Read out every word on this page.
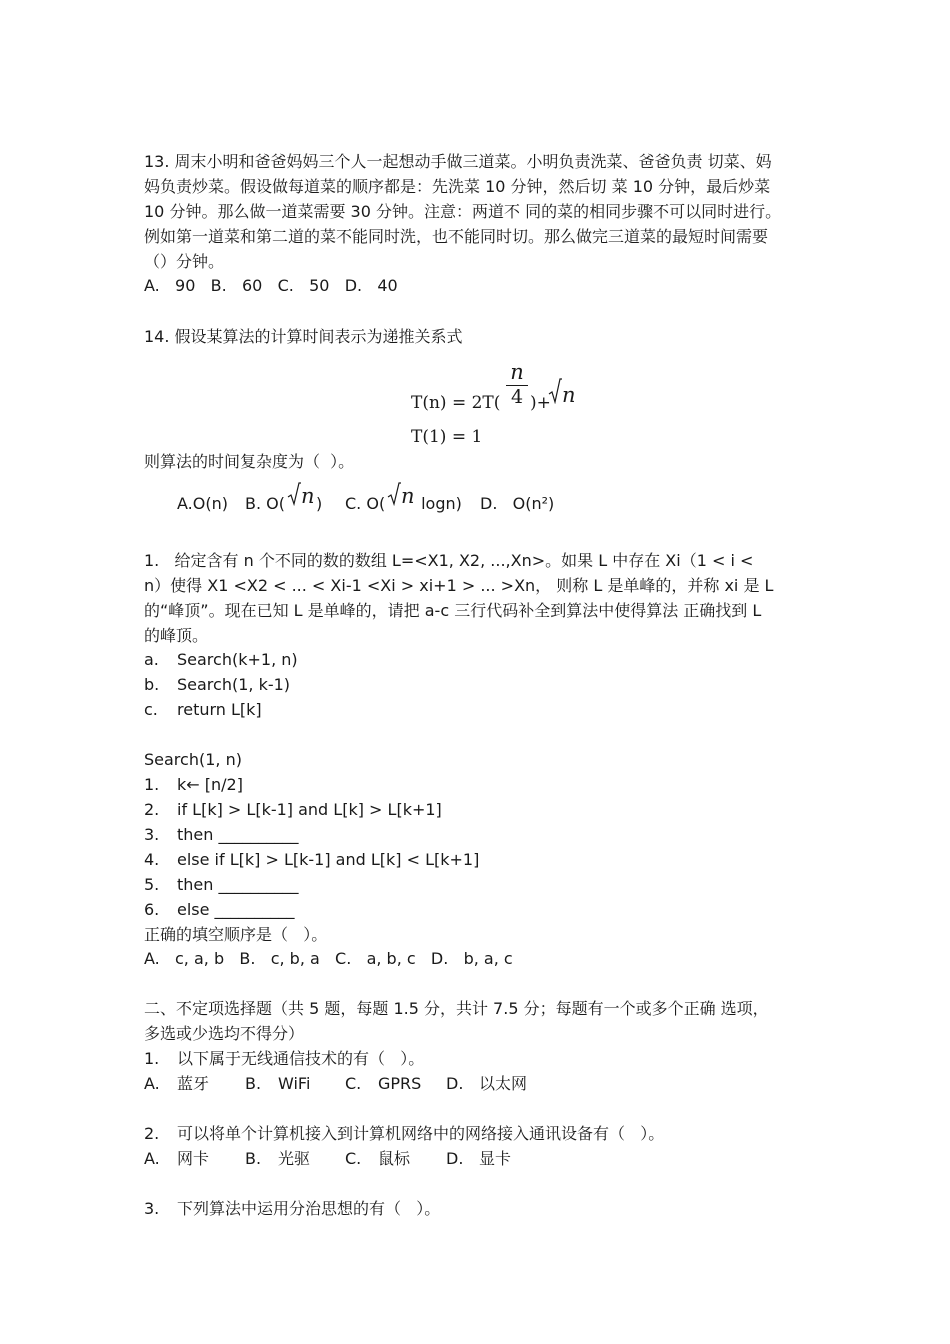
13. 周末小明和爸爸妈妈三个人一起想动手做三道菜。小明负责洗菜、爸爸负责 切菜、妈
妈负责炒菜。假设做每道菜的顺序都是：先洗菜 10 分钟，然后切 菜 10 分钟，最后炒菜
10 分钟。那么做一道菜需要 30 分钟。注意：两道不 同的菜的相同步骤不可以同时进行。
例如第一道菜和第二道的菜不能同时洗，也不能同时切。那么做完三道菜的最短时间需要
（）分钟。
A.   90   B.   60   C.   50   D.   40
14. 假设某算法的计算时间表示为递推关系式
T(n) = 2T(
n
4 )+ n
T(1) = 1
则算法的时间复杂度为（  ）。
A.O(n) B. O( n ) C. O( n logn) D.   O(n²)
1.   给定含有 n 个不同的数的数组 L=<X1, X2, ...,Xn>。如果 L 中存在 Xi（1 < i <
n）使得 X1 <X2 < ... < Xi-1 <Xi > xi+1 > ... >Xn， 则称 L 是单峰的，并称 xi 是 L
的“峰顶”。现在已知 L 是单峰的，请把 a-c 三行代码补全到算法中使得算法 正确找到 L
的峰顶。
a. Search(k+1, n)
b. Search(1, k-1)
c. return L[k]
Search(1, n)
1. k← [n/2]
2. if L[k] > L[k-1] and L[k] > L[k+1]
3. then __________
4. else if L[k] > L[k-1] and L[k] < L[k+1]
5. then __________
6. else __________
正确的填空顺序是（   ）。
A.   c, a, b   B.   c, b, a   C.   a, b, c   D.   b, a, c
二、不定项选择题（共 5 题，每题 1.5 分，共计 7.5 分；每题有一个或多个正确 选项，
多选或少选均不得分）
1. 以下属于无线通信技术的有（   ）。
A. 蓝牙 B. WiFi C. GPRS D. 以太网
2. 可以将单个计算机接入到计算机网络中的网络接入通讯设备有（   ）。
A. 网卡 B. 光驱 C. 鼠标 D. 显卡
3. 下列算法中运用分治思想的有（   ）。
